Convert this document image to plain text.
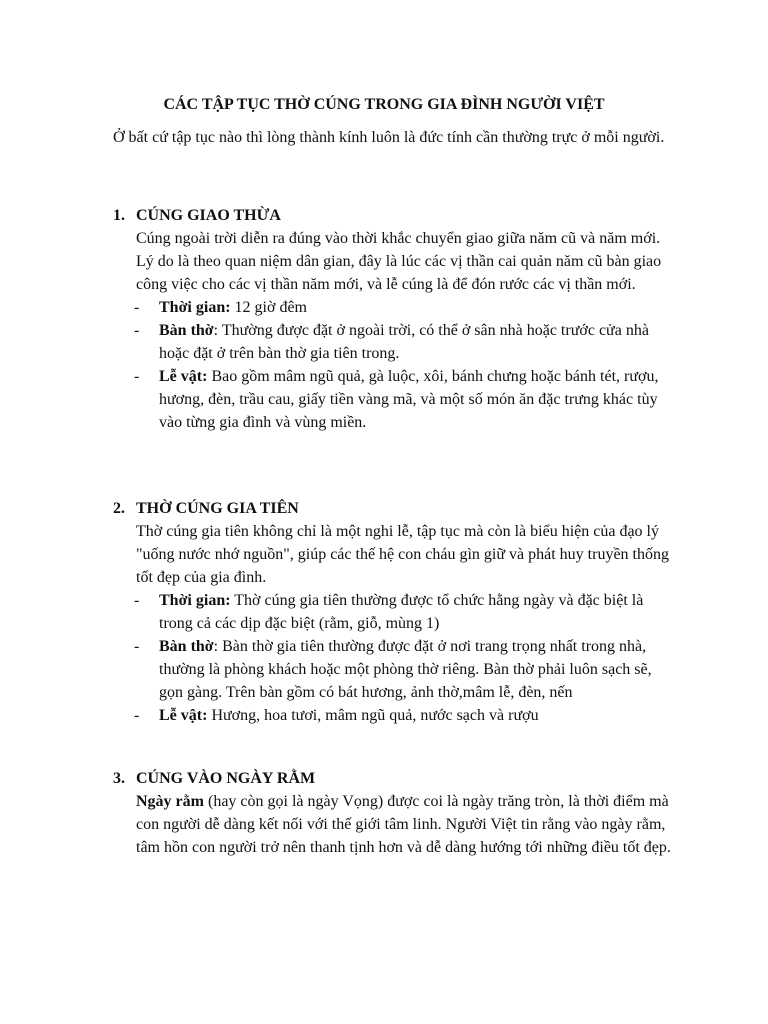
CÁC TẬP TỤC THỜ CÚNG TRONG GIA ĐÌNH NGƯỜI VIỆT

Ở bất cứ tập tục nào thì lòng thành kính luôn là đức tính cần thường trực ở mỗi người.

1. CÚNG GIAO THỪA
Cúng ngoài trời diễn ra đúng vào thời khắc chuyển giao giữa năm cũ và năm mới. Lý do là theo quan niệm dân gian, đây là lúc các vị thần cai quản năm cũ bàn giao công việc cho các vị thần năm mới, và lễ cúng là để đón rước các vị thần mới.
- Thời gian: 12 giờ đêm
- Bàn thờ: Thường được đặt ở ngoài trời, có thể ở sân nhà hoặc trước cửa nhà hoặc đặt ở trên bàn thờ gia tiên trong.
- Lễ vật: Bao gồm mâm ngũ quả, gà luộc, xôi, bánh chưng hoặc bánh tét, rượu, hương, đèn, trầu cau, giấy tiền vàng mã, và một số món ăn đặc trưng khác tùy vào từng gia đình và vùng miền.
2. THỜ CÚNG GIA TIÊN
Thờ cúng gia tiên không chỉ là một nghi lễ, tập tục mà còn là biểu hiện của đạo lý "uống nước nhớ nguồn", giúp các thế hệ con cháu gìn giữ và phát huy truyền thống tốt đẹp của gia đình.
- Thời gian: Thờ cúng gia tiên thường được tổ chức hằng ngày và đặc biệt là trong cả các dịp đặc biệt (rằm, giỗ, mùng 1)
- Bàn thờ: Bàn thờ gia tiên thường được đặt ở nơi trang trọng nhất trong nhà, thường là phòng khách hoặc một phòng thờ riêng. Bàn thờ phải luôn sạch sẽ, gọn gàng. Trên bàn gồm có bát hương, ảnh thờ,mâm lễ, đèn, nến
- Lễ vật: Hương, hoa tươi, mâm ngũ quả, nước sạch và rượu
3. CÚNG VÀO NGÀY RẰM
Ngày rằm (hay còn gọi là ngày Vọng) được coi là ngày trăng tròn, là thời điểm mà con người dễ dàng kết nối với thế giới tâm linh. Người Việt tin rằng vào ngày rằm, tâm hồn con người trở nên thanh tịnh hơn và dễ dàng hướng tới những điều tốt đẹp.
